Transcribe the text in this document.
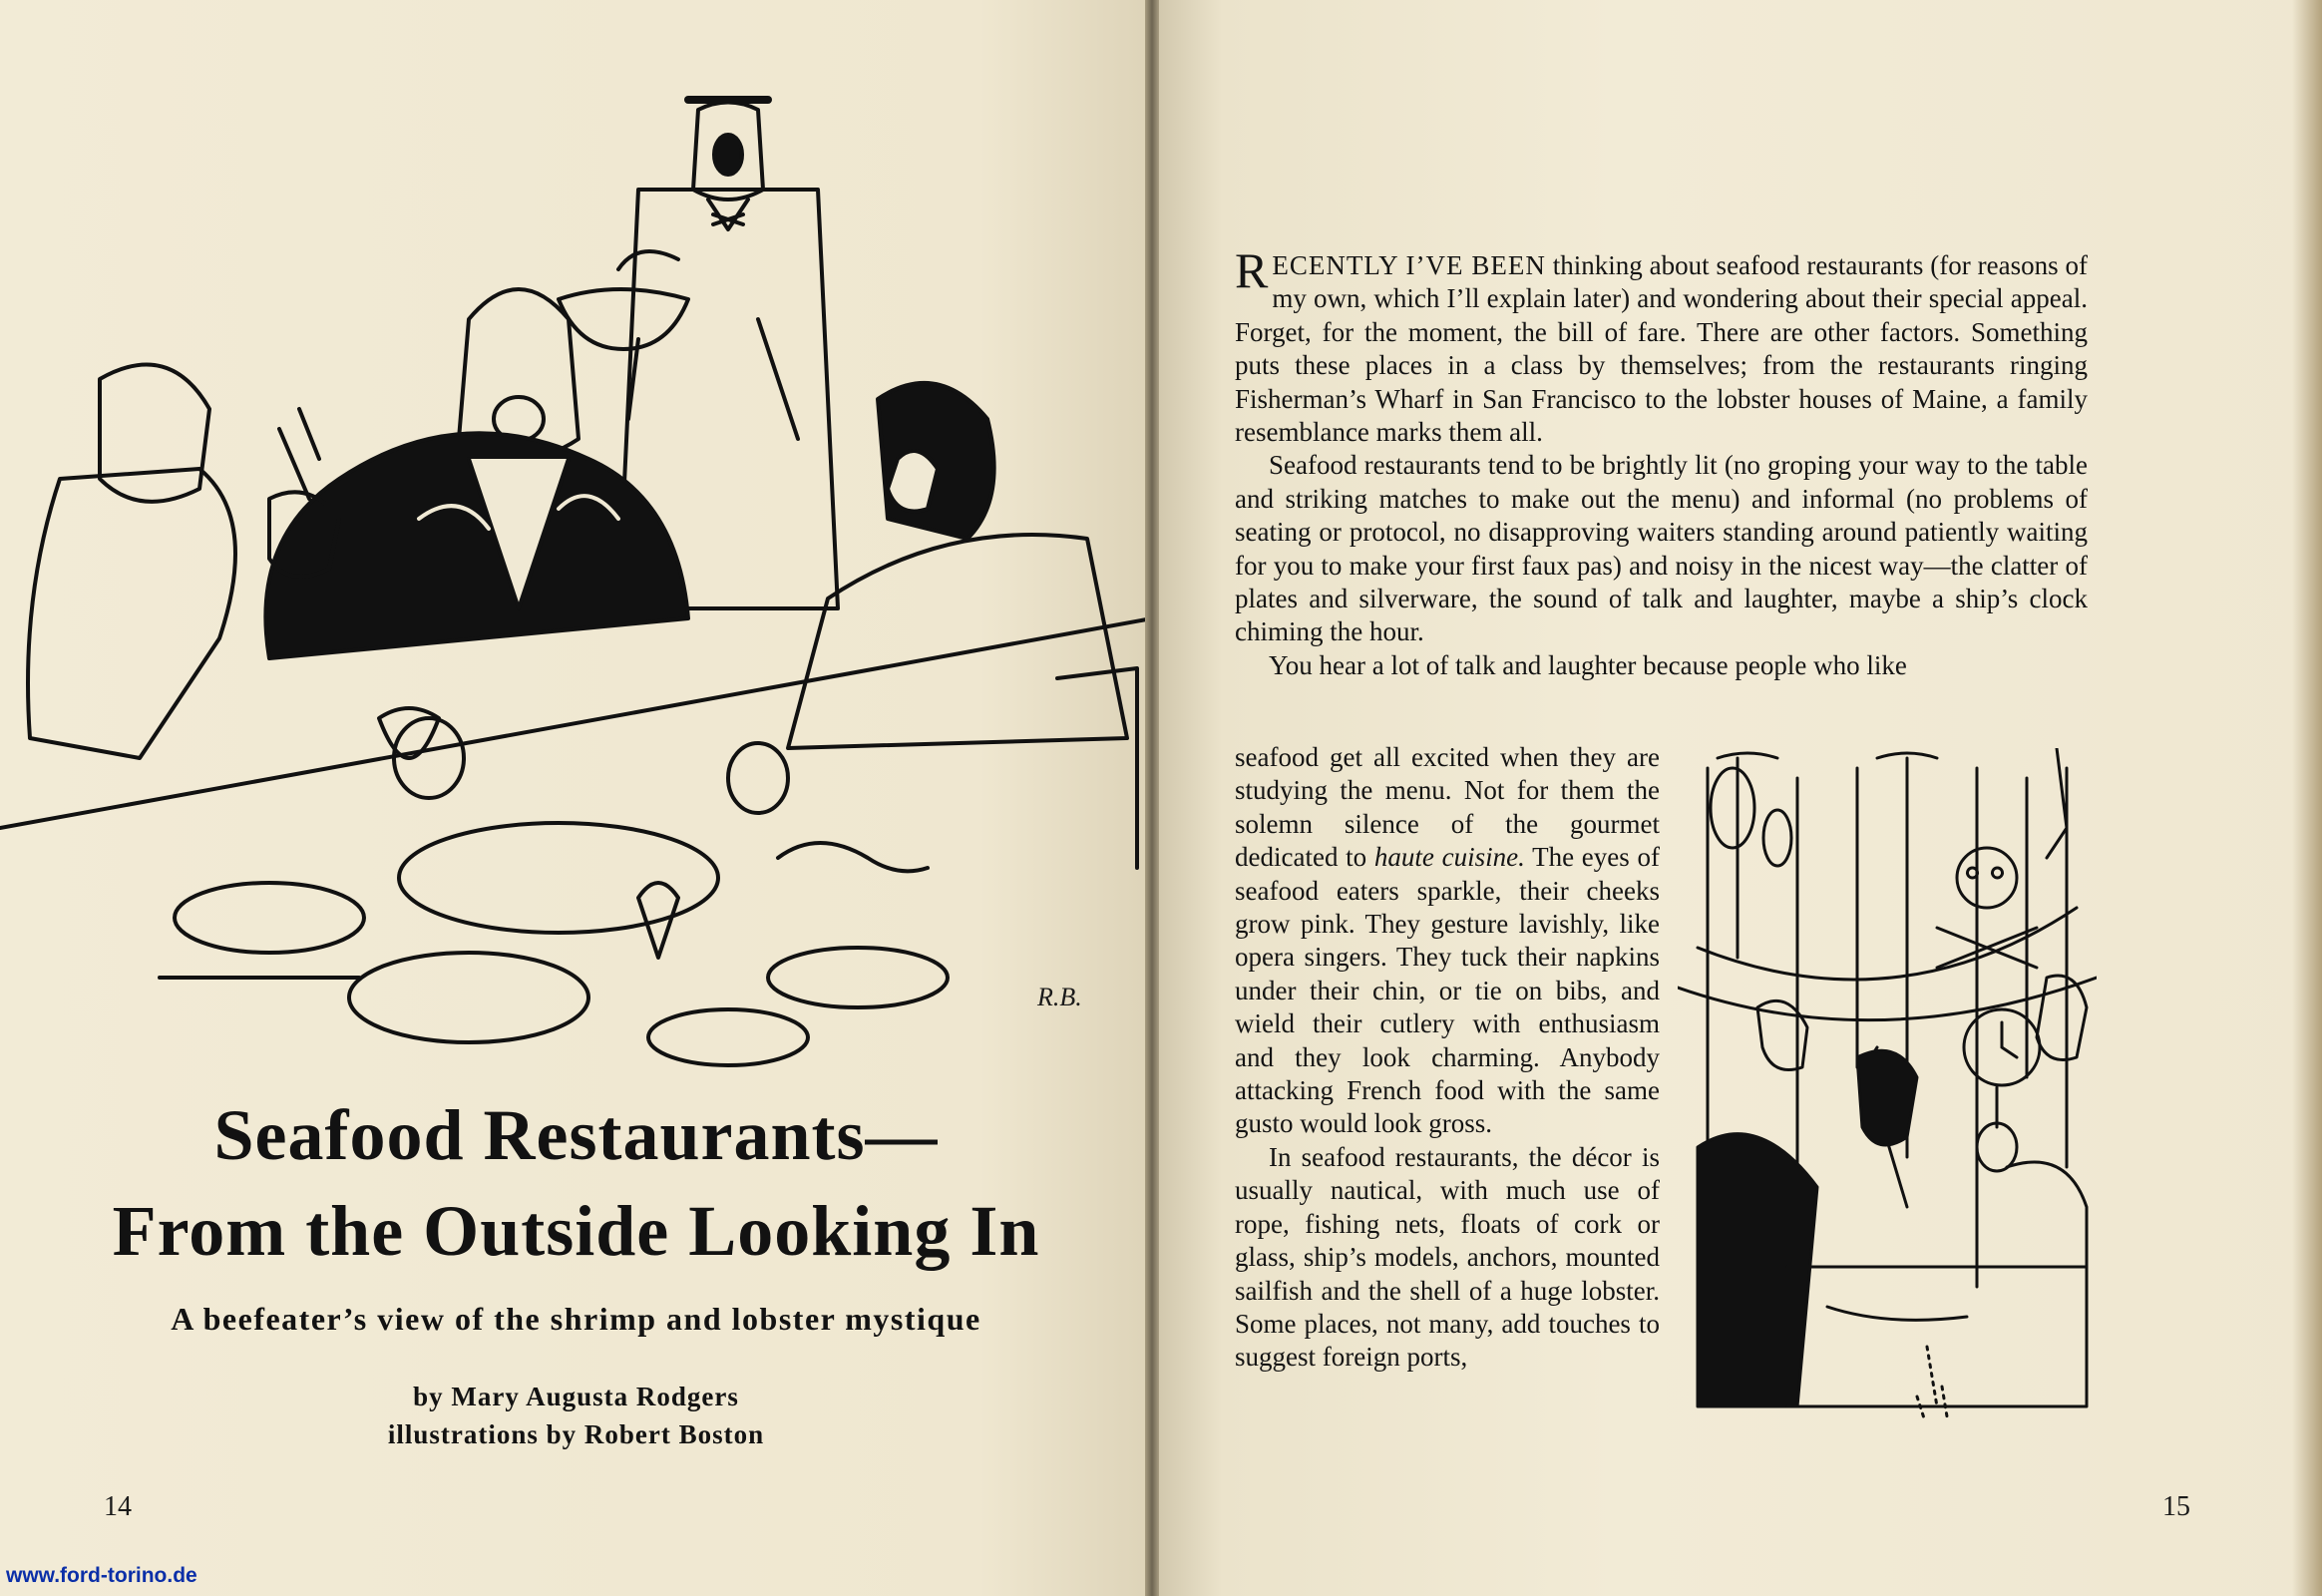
R.B.
Seafood Restaurants—
From the Outside Looking In
A beefeater’s view of the shrimp and lobster mystique
by Mary Augusta Rodgers
illustrations by Robert Boston
14

RECENTLY I’VE BEEN thinking about seafood restaurants (for reasons of my own, which I’ll explain later) and wondering about their special appeal. Forget, for the moment, the bill of fare. There are other factors. Something puts these places in a class by themselves; from the restaurants ringing Fisherman’s Wharf in San Francisco to the lobster houses of Maine, a family resemblance marks them all.

Seafood restaurants tend to be brightly lit (no groping your way to the table and striking matches to make out the menu) and informal (no problems of seating or protocol, no disapproving waiters standing around patiently waiting for you to make your first faux pas) and noisy in the nicest way—the clatter of plates and silverware, the sound of talk and laughter, maybe a ship’s clock chiming the hour.

You hear a lot of talk and laughter because people who like

seafood get all excited when they are studying the menu. Not for them the solemn silence of the gourmet dedicated to haute cuisine. The eyes of seafood eaters sparkle, their cheeks grow pink. They gesture lavishly, like opera singers. They tuck their napkins under their chin, or tie on bibs, and wield their cutlery with enthusiasm and they look charming. Anybody attacking French food with the same gusto would look gross.

In seafood restaurants, the décor is usually nautical, with much use of rope, fishing nets, floats of cork or glass, ship’s models, anchors, mounted sailfish and the shell of a huge lobster. Some places, not many, add touches to suggest foreign ports,

15
www.ford-torino.de
